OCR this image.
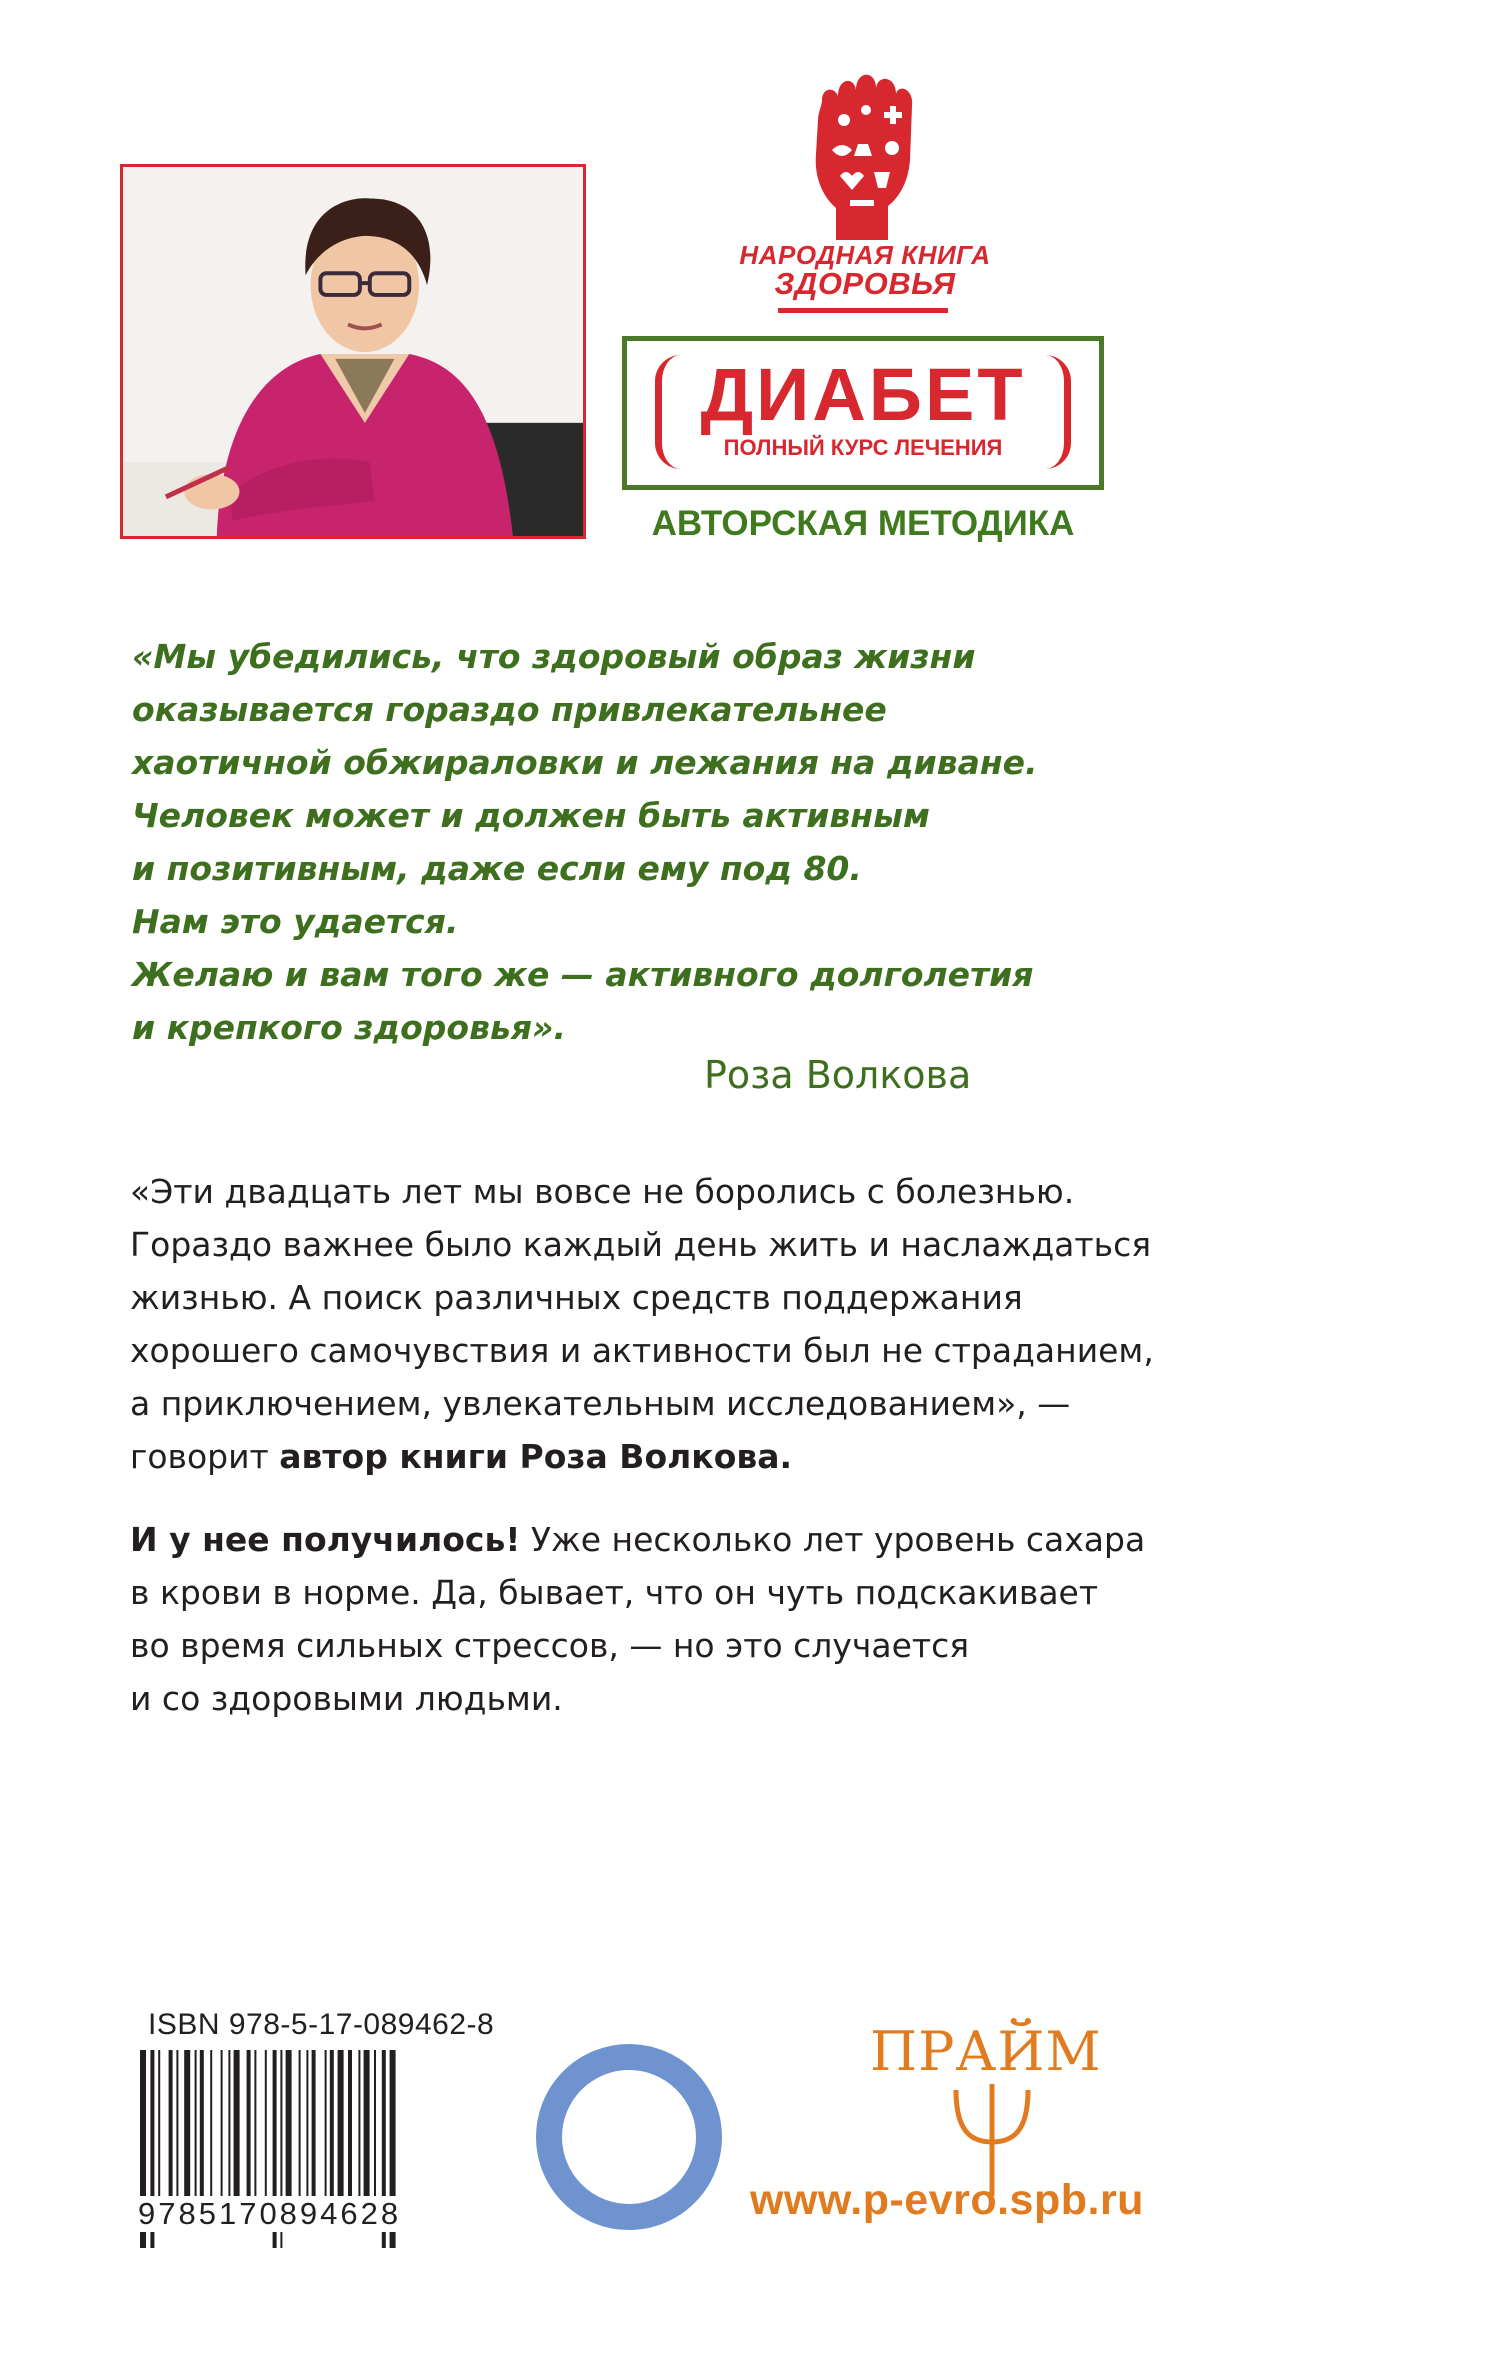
НАРОДНАЯ КНИГА
ЗДОРОВЬЯ
ДИАБЕТ
ПОЛНЫЙ КУРС ЛЕЧЕНИЯ
АВТОРСКАЯ МЕТОДИКА
«Мы убедились, что здоровый образ жизни
оказывается гораздо привлекательнее
хаотичной обжираловки и лежания на диване.
Человек может и должен быть активным
и позитивным, даже если ему под 80.
Нам это удается.
Желаю и вам того же — активного долголетия
и крепкого здоровья».
Роза Волкова
«Эти двадцать лет мы вовсе не боролись с болезнью.
Гораздо важнее было каждый день жить и наслаждаться
жизнью. А поиск различных средств поддержания
хорошего самочувствия и активности был не страданием,
а приключением, увлекательным исследованием», —
говорит автор книги Роза Волкова.
И у нее получилось! Уже несколько лет уровень сахара
в крови в норме. Да, бывает, что он чуть подскакивает
во время сильных стрессов, — но это случается
и со здоровыми людьми.
ISBN 978-5-17-089462-8
9785170894628
ПРАЙМ
www.p-evro.spb.ru
